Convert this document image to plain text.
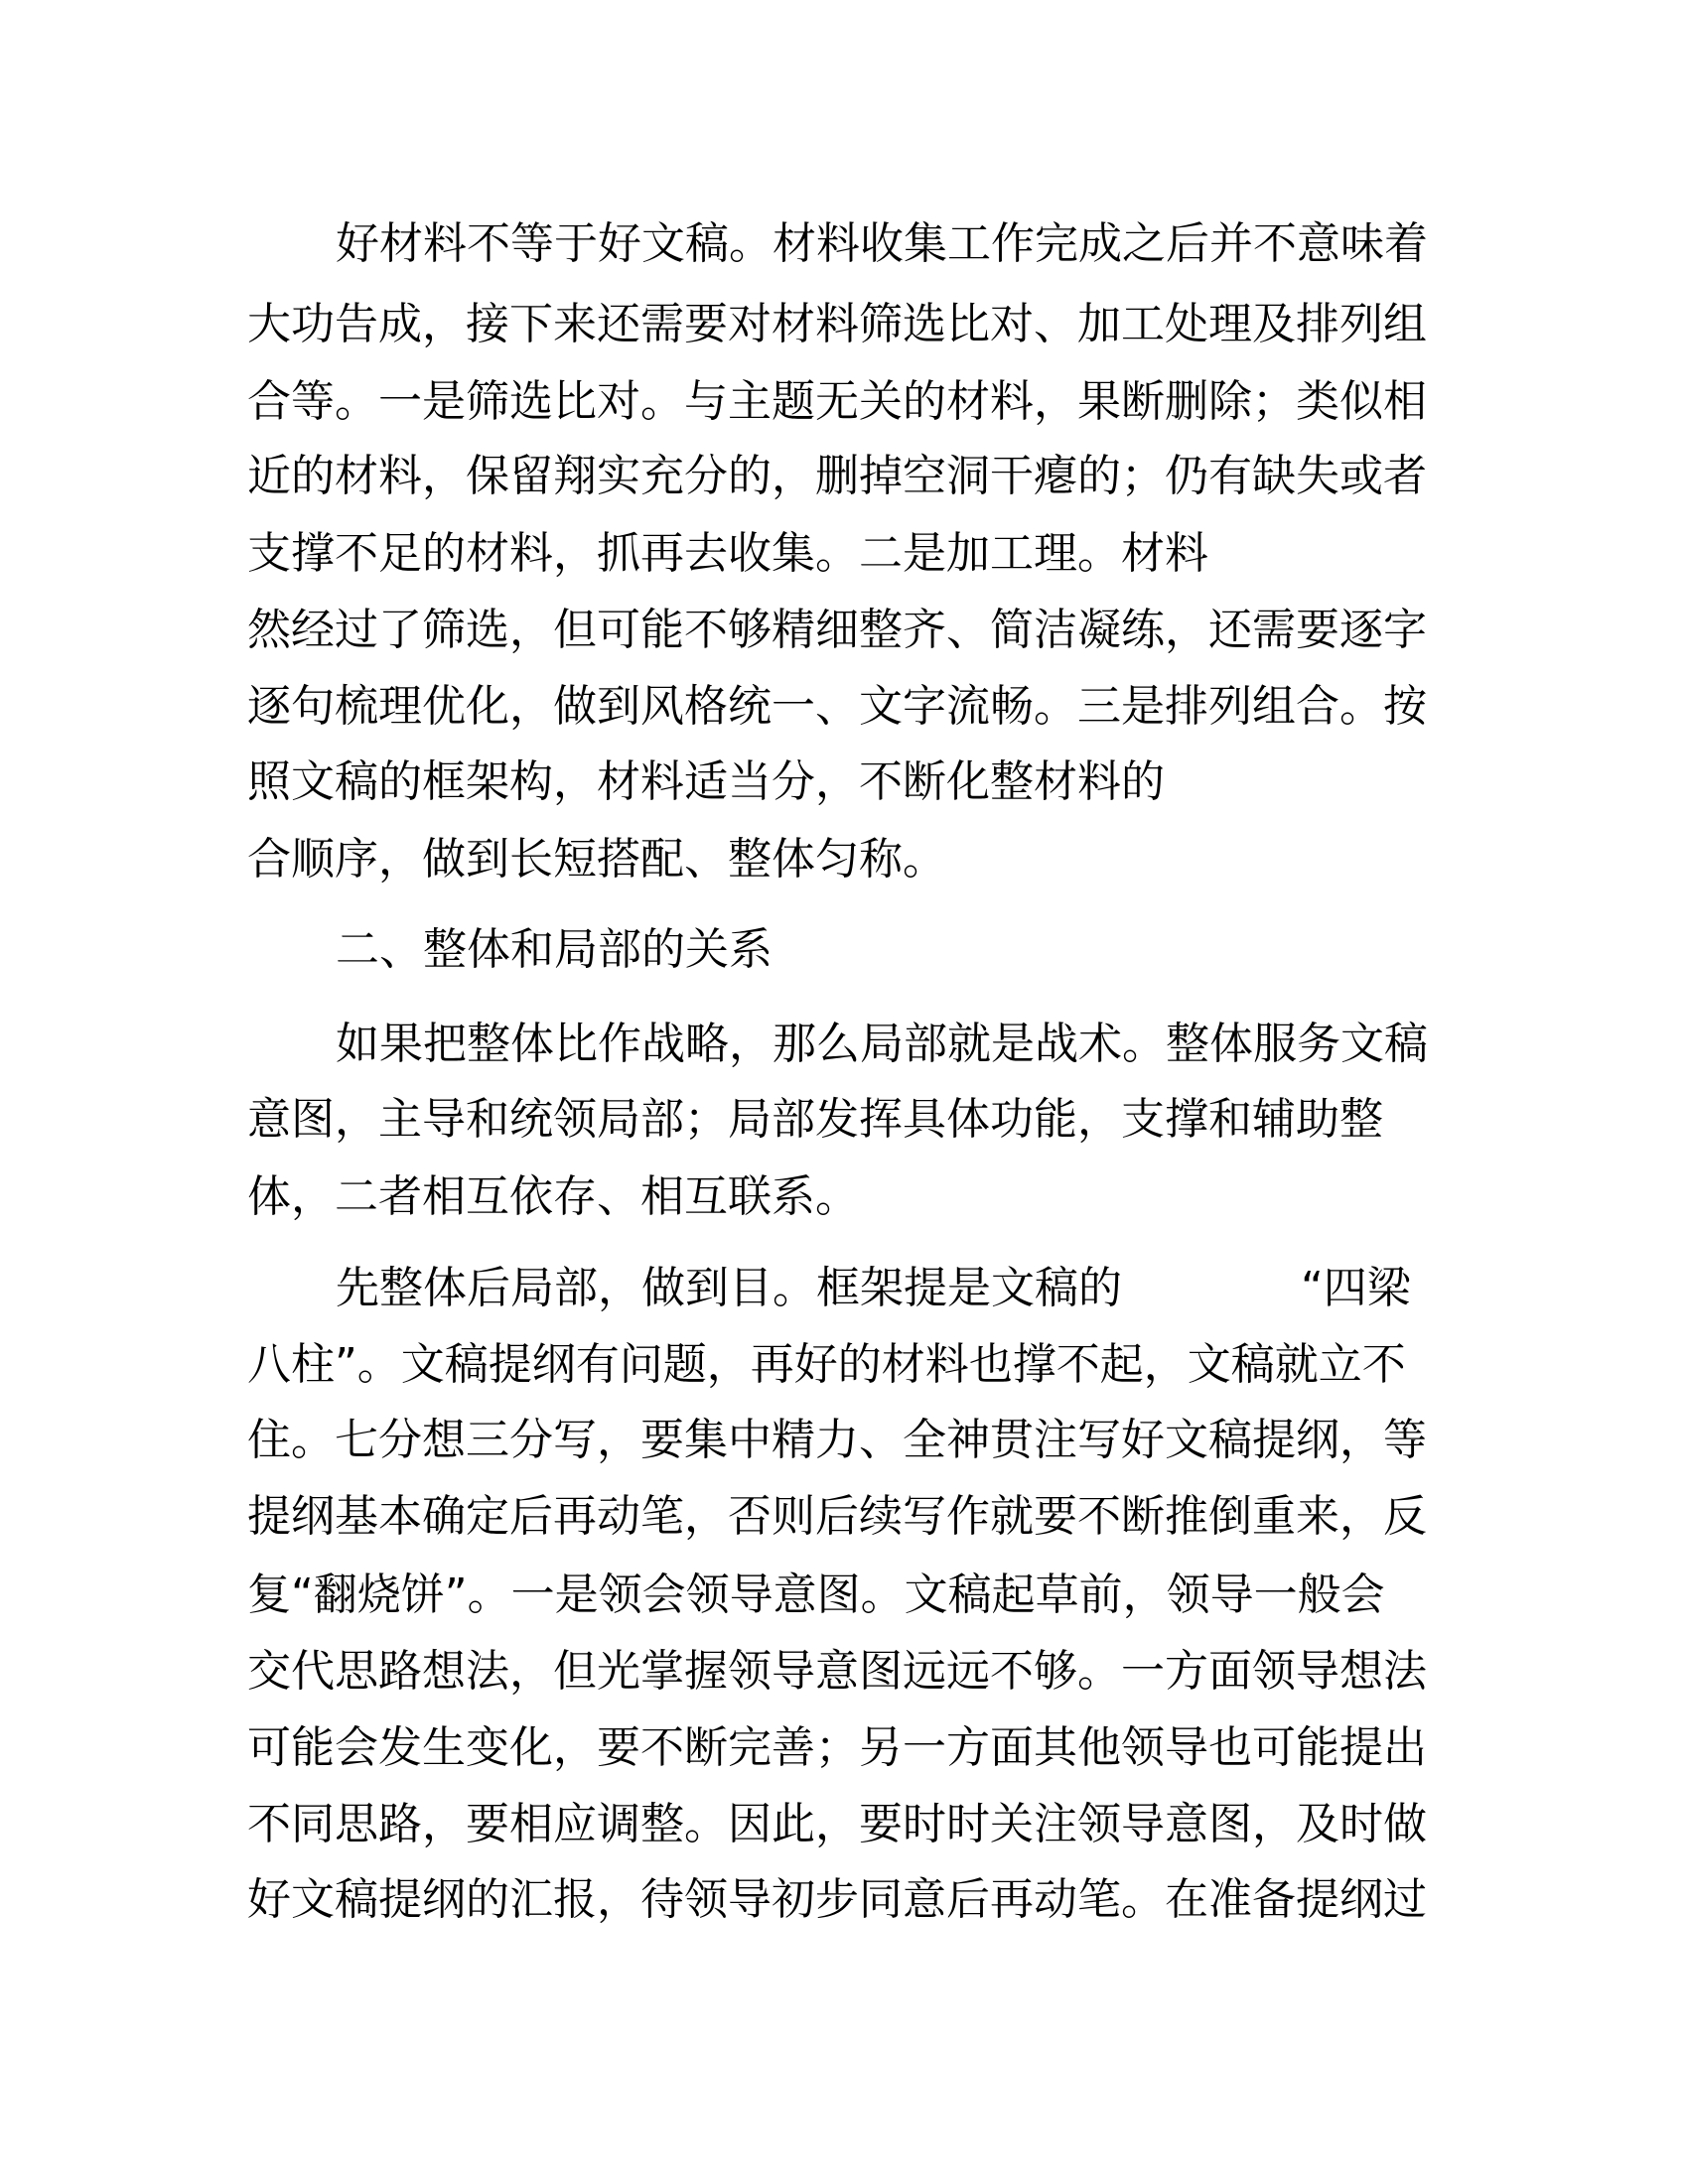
好材料不等于好文稿。材料收集工作完成之后并不意味着
大功告成，接下来还需要对材料筛选比对、加工处理及排列组
合等。一是筛选比对。与主题无关的材料，果断删除；类似相
近的材料，保留翔实充分的，删掉空洞干瘪的；仍有缺失或者
支撑不足的材料，抓再去收集。二是加工理。材料
然经过了筛选，但可能不够精细整齐、简洁凝练，还需要逐字
逐句梳理优化，做到风格统一、文字流畅。三是排列组合。按
照文稿的框架构，材料适当分，不断化整材料的
合顺序，做到长短搭配、整体匀称。
二、整体和局部的关系
如果把整体比作战略，那么局部就是战术。整体服务文稿
意图，主导和统领局部；局部发挥具体功能，支撑和辅助整
体，二者相互依存、相互联系。
先整体后局部，做到目。框架提是文稿的	“四梁
八柱”。文稿提纲有问题，再好的材料也撑不起，文稿就立不
住。七分想三分写，要集中精力、全神贯注写好文稿提纲，等
提纲基本确定后再动笔，否则后续写作就要不断推倒重来，反
复“翻烧饼”。一是领会领导意图。文稿起草前，领导一般会
交代思路想法，但光掌握领导意图远远不够。一方面领导想法
可能会发生变化，要不断完善；另一方面其他领导也可能提出
不同思路，要相应调整。因此，要时时关注领导意图，及时做
好文稿提纲的汇报，待领导初步同意后再动笔。在准备提纲过
